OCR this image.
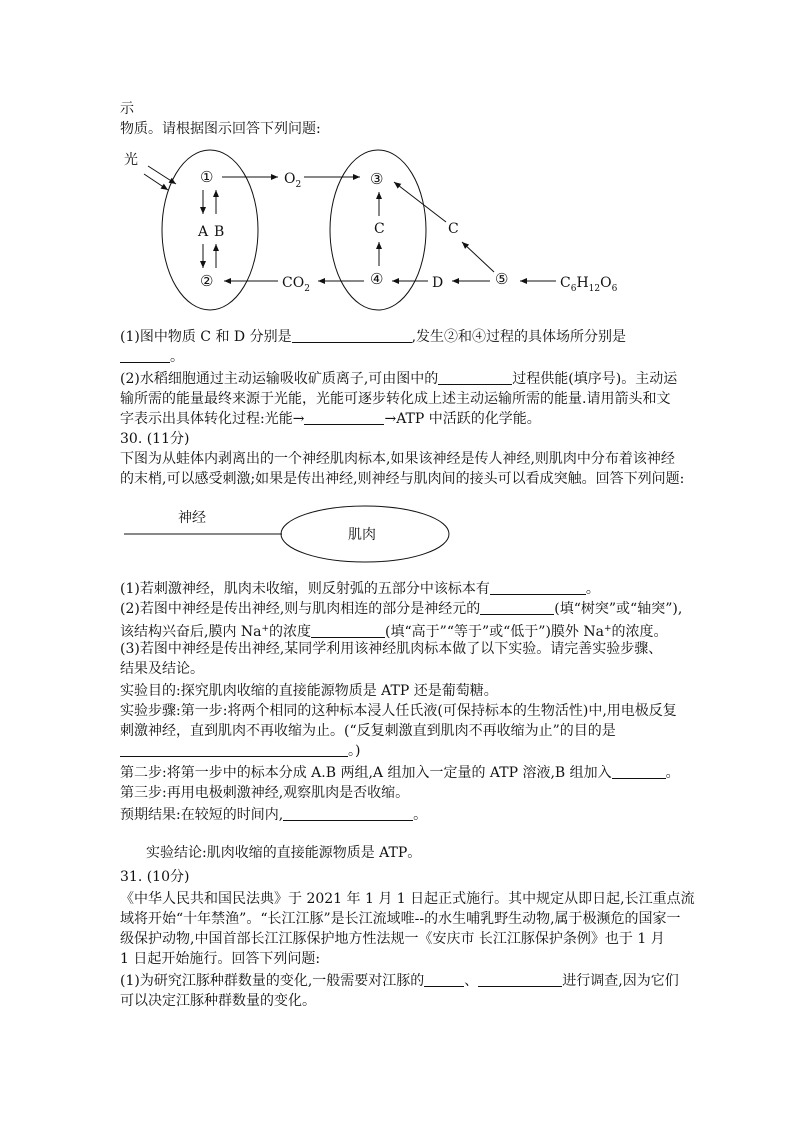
示
物质。请根据图示回答下列问题:
光
①
②
A B
$O_2$	③
C
④
C
⑤	$C_6H_{12}O_6$
D
$CO_2$
(1)图中物质 C 和 D 分别是	,发生②和④过程的具体场所分别是
。
(2)水稻细胞通过主动运输吸收矿质离子,可由图中的	过程供能(填序号)。主动运
输所需的能量最终来源于光能，光能可逐步转化成上述主动运输所需的能量.请用箭头和文
字表示出具体转化过程:光能→	→ATP 中活跃的化学能。
30. (11分)
下图为从蛙体内剥离出的一个神经肌肉标本,如果该神经是传人神经,则肌肉中分布着该神经
的末梢,可以感受刺激;如果是传出神经,则神经与肌肉间的接头可以看成突触。回答下列问题:
神经
肌肉
(1)若刺激神经，肌肉未收缩，则反射弧的五部分中该标本有	。
(2)若图中神经是传出神经,则与肌肉相连的部分是神经元的	(填“树突”或“轴突”),
该结构兴奋后,膜内 Na+的浓度	(填“高于”“等于”或“低于”)膜外 Na+的浓度。
(3)若图中神经是传出神经,某同学利用该神经肌肉标本做了以下实验。请完善实验步骤、
结果及结论。
实验目的:探究肌肉收缩的直接能源物质是 ATP 还是葡萄糖。
实验步骤:第一步:将两个相同的这种标本浸人任氏液(可保持标本的生物活性)中,用电极反复
刺激神经，直到肌肉不再收缩为止。(“反复刺激直到肌肉不再收缩为止”的目的是
。)
第二步:将第一步中的标本分成 A.B 两组,A 组加入一定量的 ATP 溶液,B 组加入	。
第三步:再用电极刺激神经,观察肌肉是否收缩。
预期结果:在较短的时间内,	。
实验结论:肌肉收缩的直接能源物质是 ATP。
31. (10分)
《中华人民共和国民法典》于 2021 年 1 月 1 日起正式施行。其中规定从即日起,长江重点流
域将开始“十年禁渔”。“长江江豚”是长江流域唯--的水生哺乳野生动物,属于极濒危的国家一
级保护动物,中国首部长江江豚保护地方性法规一《安庆市 长江江豚保护条例》也于 1 月
1 日起开始施行。回答下列问题:
(1)为研究江豚种群数量的变化,一般需要对江豚的	、	进行调查,因为它们
可以决定江豚种群数量的变化。
